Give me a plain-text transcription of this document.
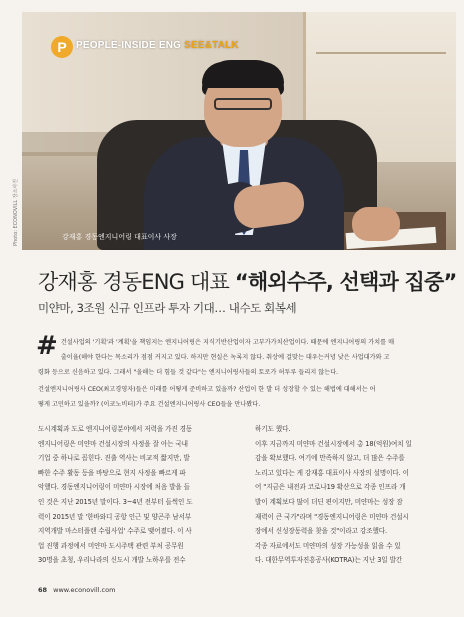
P PEOPLE-INSIDE ENG SEE&TALK
강재홍 경동엔지니어링 대표이사 사장
Photo: ECONOVILL 장소사진
강재홍 경동ENG 대표 “해외수주, 선택과 집중”
미얀마, 3조원 신규 인프라 투자 기대… 내수도 회복세
# 건설사업의 '기획'과 '계획'을 책임지는 엔지니어링은 지식기반산업이자 고부가가치산업이다. 때문에 엔지니어링의 가치를 매

출이율(해야 한다는 목소리가 점점 커지고 있다. 하지만 현실은 녹록지 않다. 취상에 걸맞는 대우는커녕 낮은 사업대가와 고

령화 등으로 신음하고 있다. 그래서 "올해는 더 힘들 것 같다"는 엔지니어링사들의 토로가 허투루 들리지 않는다.

건설엔지니어링사 CEO(최고경영자)들은 미래를 어떻게 준비하고 있을까? 산업이 한 발 더 성장할 수 있는 해법에 대해서는 어

떻게 고민하고 있을까? (이코노비터)가 주요 건설엔지니어링사 CEO들을 만나봤다.

도시계획과 도로 엔지니어링분야에서 저력을 가진 경동

엔지니어링은 미얀마 건설시장의 사정을 잘 아는 국내

기업 중 하나로 꼽힌다. 진출 역사는 비교적 짧지만, 발

빠한 수주 활동 등을 바탕으로 현지 사정을 빠르게 파

악했다. 경동엔지니어링이 미얀마 시장에 처음 발을 들

인 것은 지난 2015년 말이다. 3~4년 전부터 들썩인 도

력이 2015년 말 '한바와디 공항 인근 및 양곤주 남서부

지역개발 마스터플랜 수립사업' 수주로 맺어졌다. 이 사

업 진행 과정에서 미얀마 도시주택 관련 부처 공무원

30명을 초청, 우리나라의 신도시 개발 노하우를 전수

하기도 했다.

이후 지금까지 미얀마 건설시장에서 총 18(억원)여치 일

감을 확보했다. 여기에 만족하지 않고, 더 많은 수주를

노리고 있다는 게 강재홍 대표이사 사장의 설명이다. 이

어 "지금은 내전과 코로나19 확산으로 각종 인프라 개

발이 계획보다 많이 더딘 편이지만, 미얀마는 성장 잠

재력이 큰 국가"라며 "경동엔지니어링은 미얀마 건설시

장에서 신성장동력을 찾을 것"이라고 강조했다.

각종 자료에서도 미얀마의 성장 가능성을 읽을 수 있

다. 대한무역투자진흥공사(KOTRA)는 지난 3일 발간

68 www.econovill.com
